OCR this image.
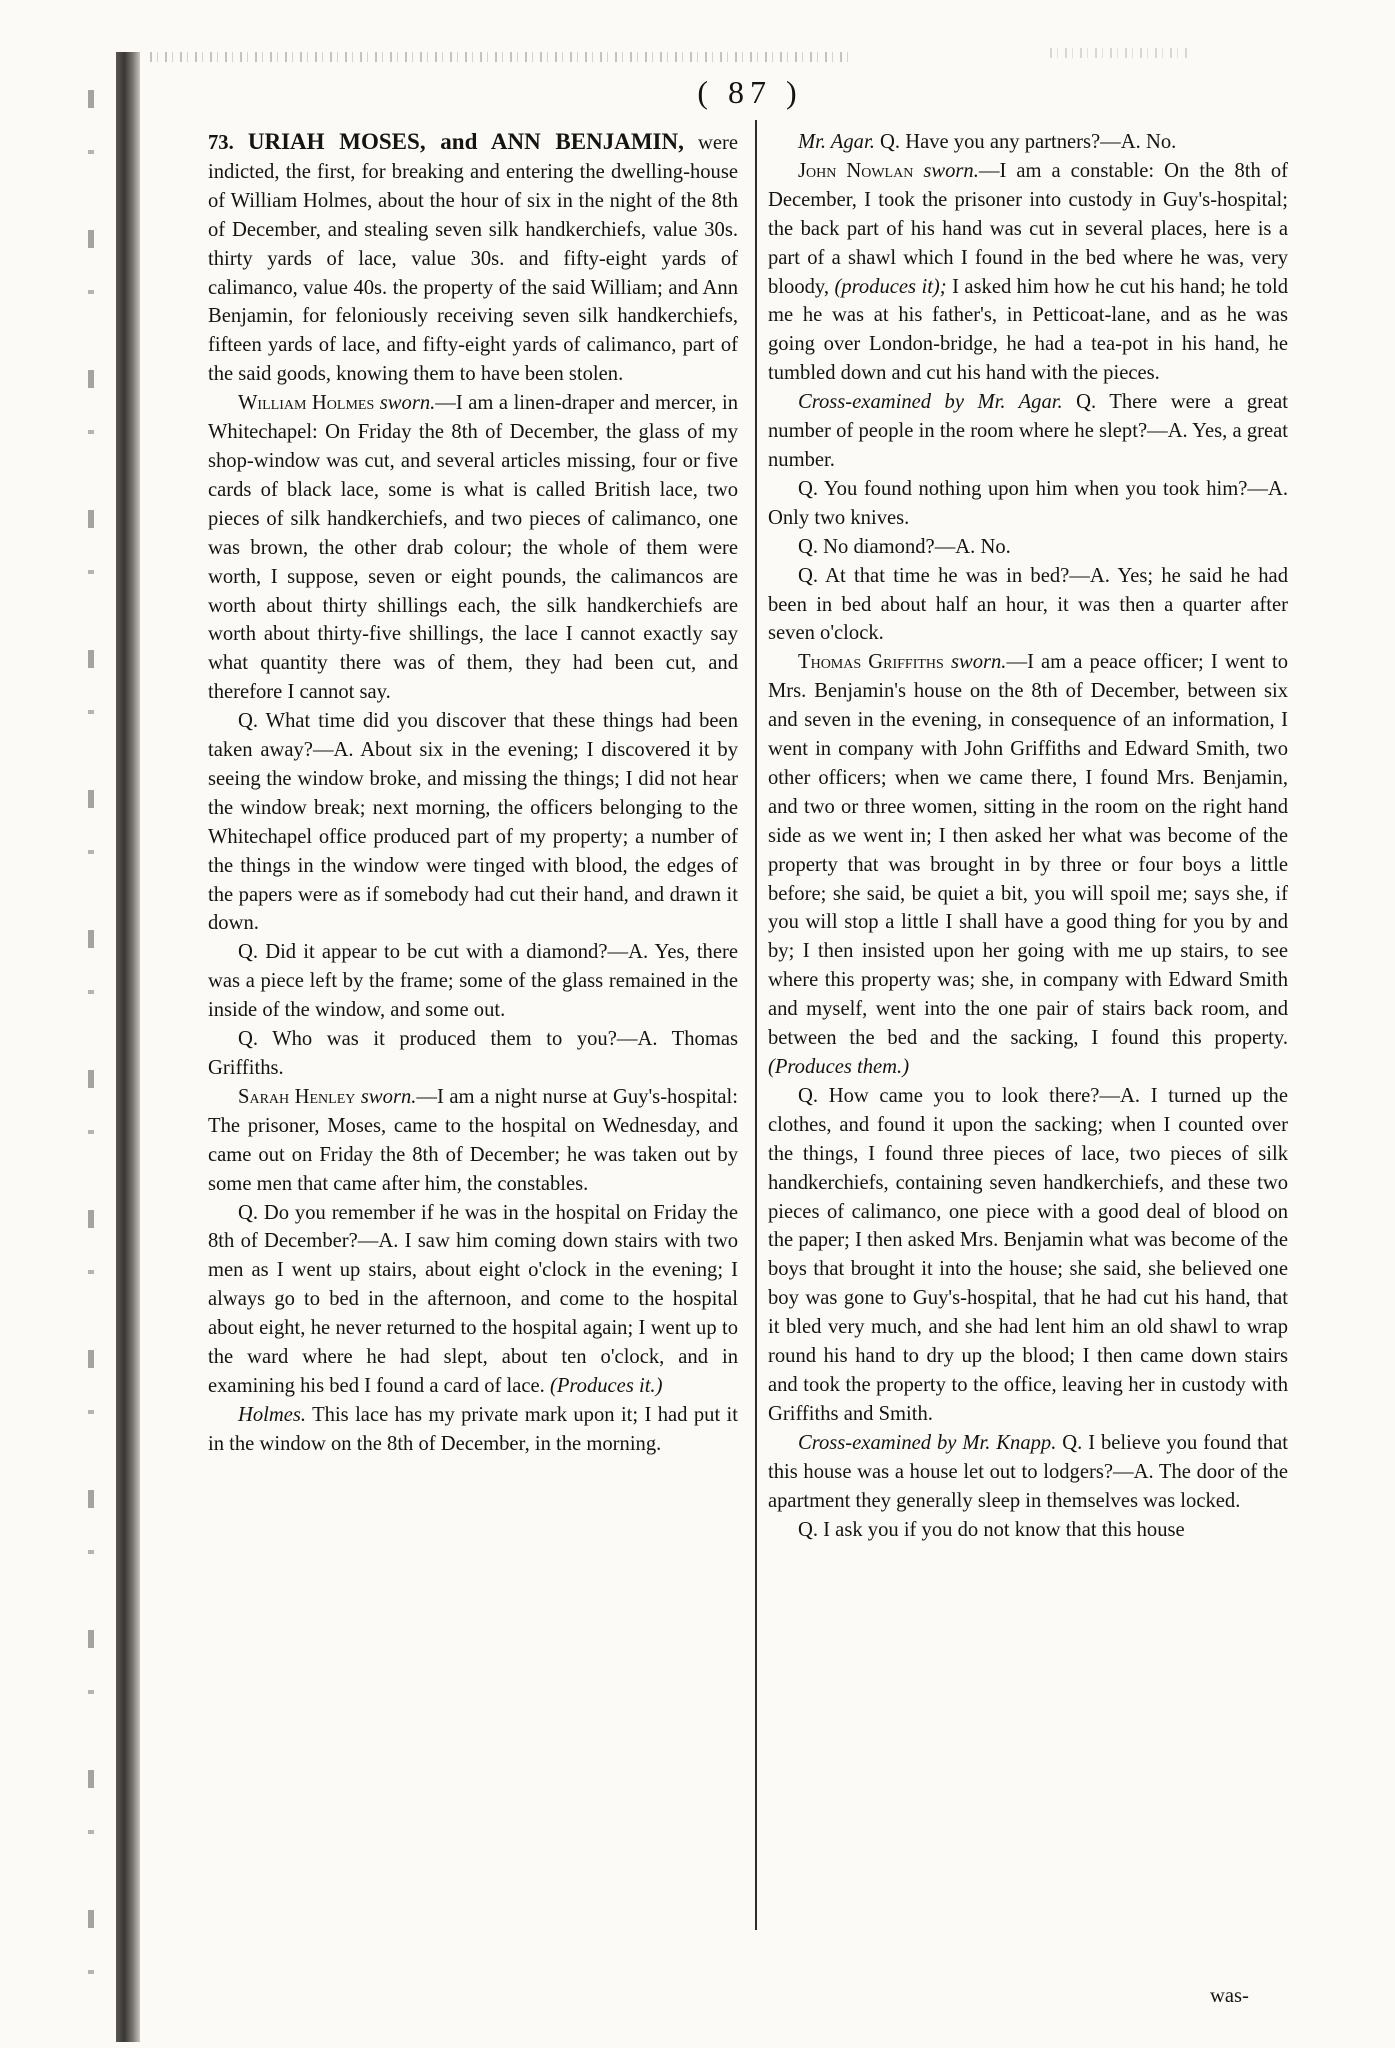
( 87 )

73. URIAH MOSES, and ANN BENJAMIN, were indicted, the first, for breaking and entering the dwelling-house of William Holmes, about the hour of six in the night of the 8th of December, and stealing seven silk handkerchiefs, value 30s. thirty yards of lace, value 30s. and fifty-eight yards of calimanco, value 40s. the property of the said William; and Ann Benjamin, for feloniously receiving seven silk handkerchiefs, fifteen yards of lace, and fifty-eight yards of calimanco, part of the said goods, knowing them to have been stolen.

William Holmes sworn.—I am a linen-draper and mercer, in Whitechapel: On Friday the 8th of December, the glass of my shop-window was cut, and several articles missing, four or five cards of black lace, some is what is called British lace, two pieces of silk handkerchiefs, and two pieces of calimanco, one was brown, the other drab colour; the whole of them were worth, I suppose, seven or eight pounds, the calimancos are worth about thirty shillings each, the silk handkerchiefs are worth about thirty-five shillings, the lace I cannot exactly say what quantity there was of them, they had been cut, and therefore I cannot say.

Q. What time did you discover that these things had been taken away?—A. About six in the evening; I discovered it by seeing the window broke, and missing the things; I did not hear the window break; next morning, the officers belonging to the Whitechapel office produced part of my property; a number of the things in the window were tinged with blood, the edges of the papers were as if somebody had cut their hand, and drawn it down.

Q. Did it appear to be cut with a diamond?—A. Yes, there was a piece left by the frame; some of the glass remained in the inside of the window, and some out.

Q. Who was it produced them to you?—A. Thomas Griffiths.

Sarah Henley sworn.—I am a night nurse at Guy's-hospital: The prisoner, Moses, came to the hospital on Wednesday, and came out on Friday the 8th of December; he was taken out by some men that came after him, the constables.

Q. Do you remember if he was in the hospital on Friday the 8th of December?—A. I saw him coming down stairs with two men as I went up stairs, about eight o'clock in the evening; I always go to bed in the afternoon, and come to the hospital about eight, he never returned to the hospital again; I went up to the ward where he had slept, about ten o'clock, and in examining his bed I found a card of lace. (Produces it.)

Holmes. This lace has my private mark upon it; I had put it in the window on the 8th of December, in the morning.

Mr. Agar. Q. Have you any partners?—A. No.

John Nowlan sworn.—I am a constable: On the 8th of December, I took the prisoner into custody in Guy's-hospital; the back part of his hand was cut in several places, here is a part of a shawl which I found in the bed where he was, very bloody, (produces it); I asked him how he cut his hand; he told me he was at his father's, in Petticoat-lane, and as he was going over London-bridge, he had a tea-pot in his hand, he tumbled down and cut his hand with the pieces.

Cross-examined by Mr. Agar. Q. There were a great number of people in the room where he slept?—A. Yes, a great number.

Q. You found nothing upon him when you took him?—A. Only two knives.

Q. No diamond?—A. No.

Q. At that time he was in bed?—A. Yes; he said he had been in bed about half an hour, it was then a quarter after seven o'clock.

Thomas Griffiths sworn.—I am a peace officer; I went to Mrs. Benjamin's house on the 8th of December, between six and seven in the evening, in consequence of an information, I went in company with John Griffiths and Edward Smith, two other officers; when we came there, I found Mrs. Benjamin, and two or three women, sitting in the room on the right hand side as we went in; I then asked her what was become of the property that was brought in by three or four boys a little before; she said, be quiet a bit, you will spoil me; says she, if you will stop a little I shall have a good thing for you by and by; I then insisted upon her going with me up stairs, to see where this property was; she, in company with Edward Smith and myself, went into the one pair of stairs back room, and between the bed and the sacking, I found this property. (Produces them.)

Q. How came you to look there?—A. I turned up the clothes, and found it upon the sacking; when I counted over the things, I found three pieces of lace, two pieces of silk handkerchiefs, containing seven handkerchiefs, and these two pieces of calimanco, one piece with a good deal of blood on the paper; I then asked Mrs. Benjamin what was become of the boys that brought it into the house; she said, she believed one boy was gone to Guy's-hospital, that he had cut his hand, that it bled very much, and she had lent him an old shawl to wrap round his hand to dry up the blood; I then came down stairs and took the property to the office, leaving her in custody with Griffiths and Smith.

Cross-examined by Mr. Knapp. Q. I believe you found that this house was a house let out to lodgers?—A. The door of the apartment they generally sleep in themselves was locked.

Q. I ask you if you do not know that this house

was-
